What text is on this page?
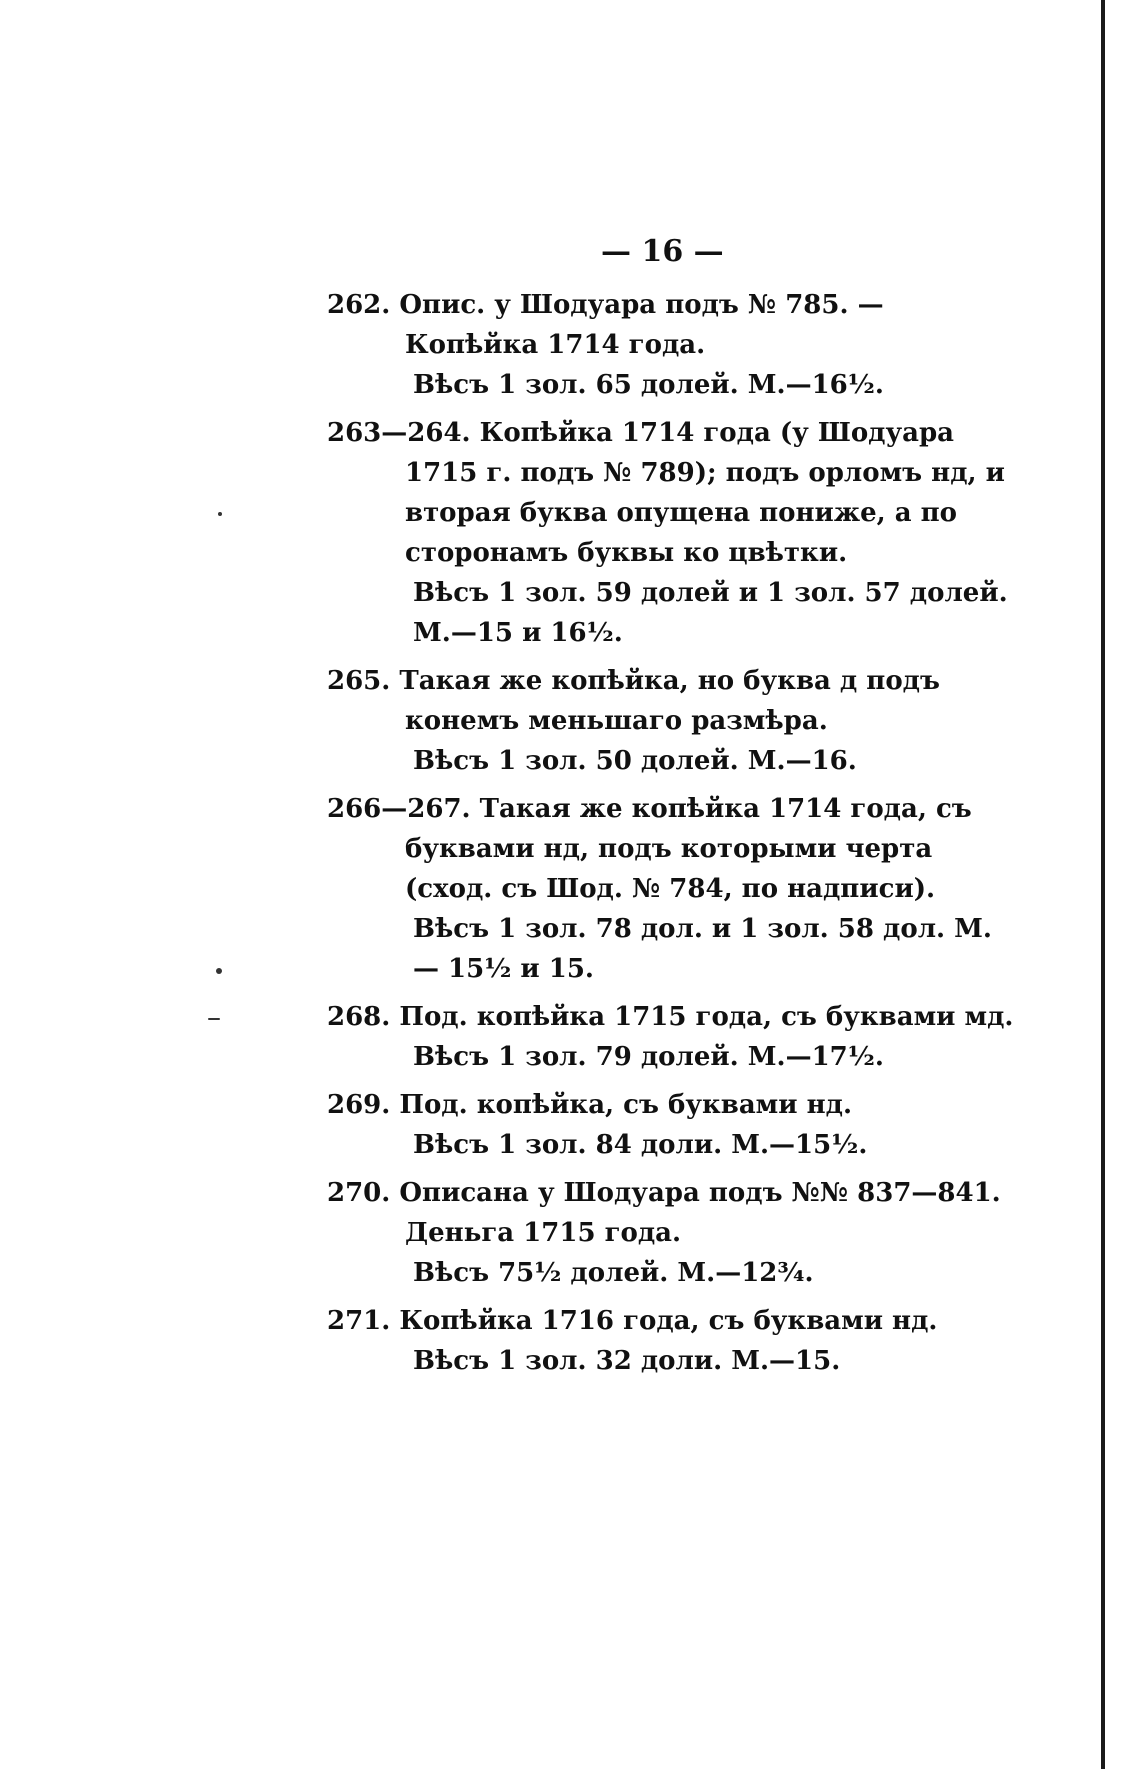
— 16 —
262. Опис. у Шодуара подъ № 785. — Копѣйка 1714 года.
Вѣсъ 1 зол. 65 долей. М.—16½.
263—264. Копѣйка 1714 года (у Шодуара 1715 г. подъ № 789); подъ орломъ нд, и вторая буква опущена пониже, а по сторонамъ буквы ко цвѣтки.
Вѣсъ 1 зол. 59 долей и 1 зол. 57 долей. М.—15 и 16½.
265. Такая же копѣйка, но буква д подъ конемъ меньшаго размѣра.
Вѣсъ 1 зол. 50 долей. М.—16.
266—267. Такая же копѣйка 1714 года, съ буквами нд, подъ которыми черта (сход. съ Шод. № 784, по надписи).
Вѣсъ 1 зол. 78 дол. и 1 зол. 58 дол. М.— 15½ и 15.
268. Под. копѣйка 1715 года, съ буквами мд.
Вѣсъ 1 зол. 79 долей. М.—17½.
269. Под. копѣйка, съ буквами нд.
Вѣсъ 1 зол. 84 доли. М.—15½.
270. Описана у Шодуара подъ №№ 837—841. Деньга 1715 года.
Вѣсъ 75½ долей. М.—12¾.
271. Копѣйка 1716 года, съ буквами нд.
Вѣсъ 1 зол. 32 доли. М.—15.
